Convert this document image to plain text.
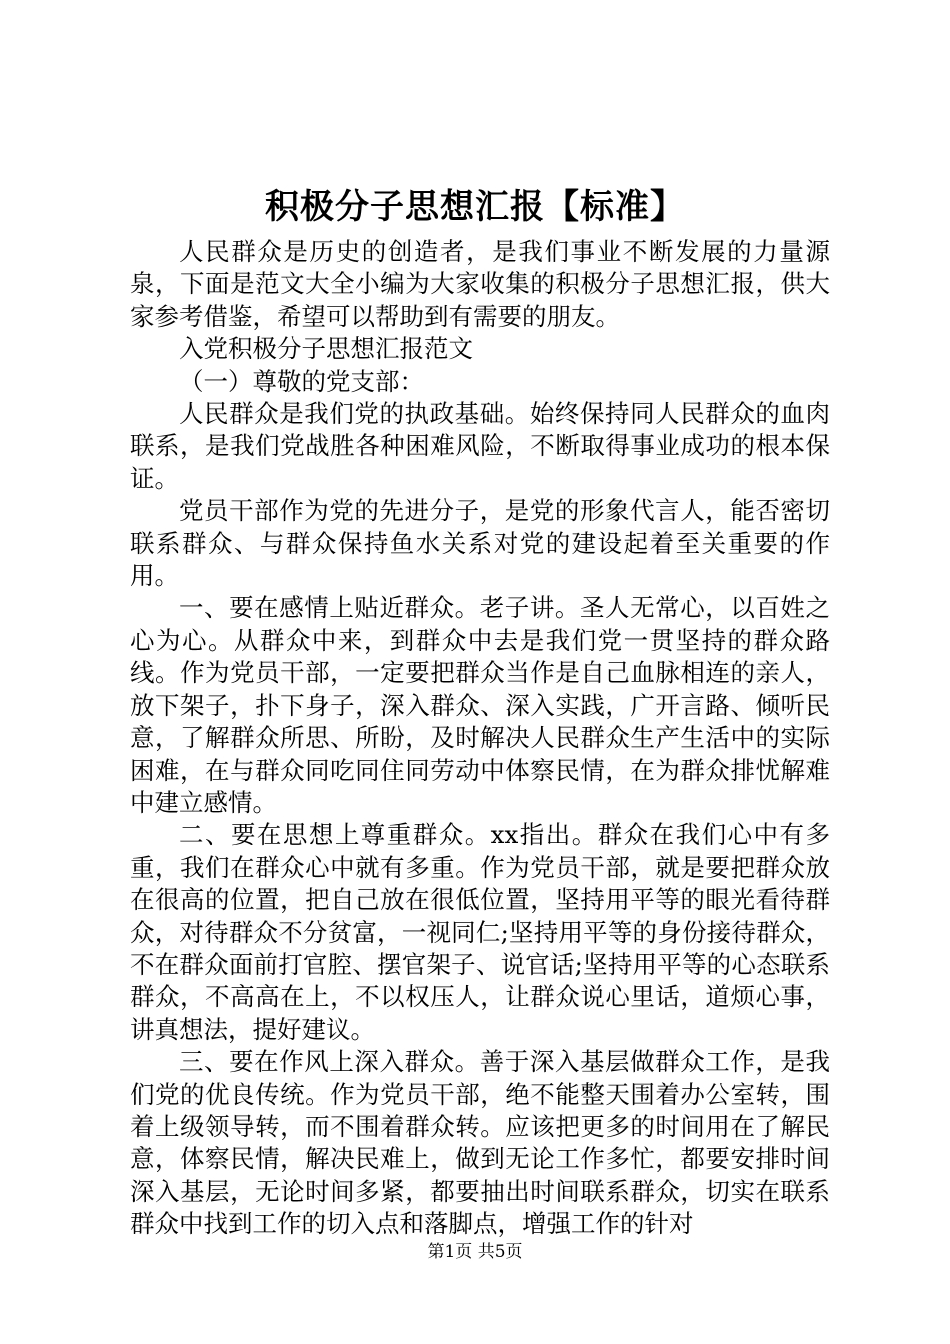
积极分子思想汇报【标准】

人民群众是历史的创造者，是我们事业不断发展的力量源泉，下面是范文大全小编为大家收集的积极分子思想汇报，供大家参考借鉴，希望可以帮助到有需要的朋友。

入党积极分子思想汇报范文

（一）尊敬的党支部：

人民群众是我们党的执政基础。始终保持同人民群众的血肉联系，是我们党战胜各种困难风险，不断取得事业成功的根本保证。

党员干部作为党的先进分子，是党的形象代言人，能否密切联系群众、与群众保持鱼水关系对党的建设起着至关重要的作用。

一、要在感情上贴近群众。老子讲。圣人无常心，以百姓之心为心。从群众中来，到群众中去是我们党一贯坚持的群众路线。作为党员干部，一定要把群众当作是自己血脉相连的亲人，放下架子，扑下身子，深入群众、深入实践，广开言路、倾听民意，了解群众所思、所盼，及时解决人民群众生产生活中的实际困难，在与群众同吃同住同劳动中体察民情，在为群众排忧解难中建立感情。

二、要在思想上尊重群众。xx指出。群众在我们心中有多重，我们在群众心中就有多重。作为党员干部，就是要把群众放在很高的位置，把自己放在很低位置，坚持用平等的眼光看待群众，对待群众不分贫富，一视同仁;坚持用平等的身份接待群众，不在群众面前打官腔、摆官架子、说官话;坚持用平等的心态联系群众，不高高在上，不以权压人，让群众说心里话，道烦心事，讲真想法，提好建议。

三、要在作风上深入群众。善于深入基层做群众工作，是我们党的优良传统。作为党员干部，绝不能整天围着办公室转，围着上级领导转，而不围着群众转。应该把更多的时间用在了解民意，体察民情，解决民难上，做到无论工作多忙，都要安排时间深入基层，无论时间多紧，都要抽出时间联系群众，切实在联系群众中找到工作的切入点和落脚点，增强工作的针对

第1页 共5页
